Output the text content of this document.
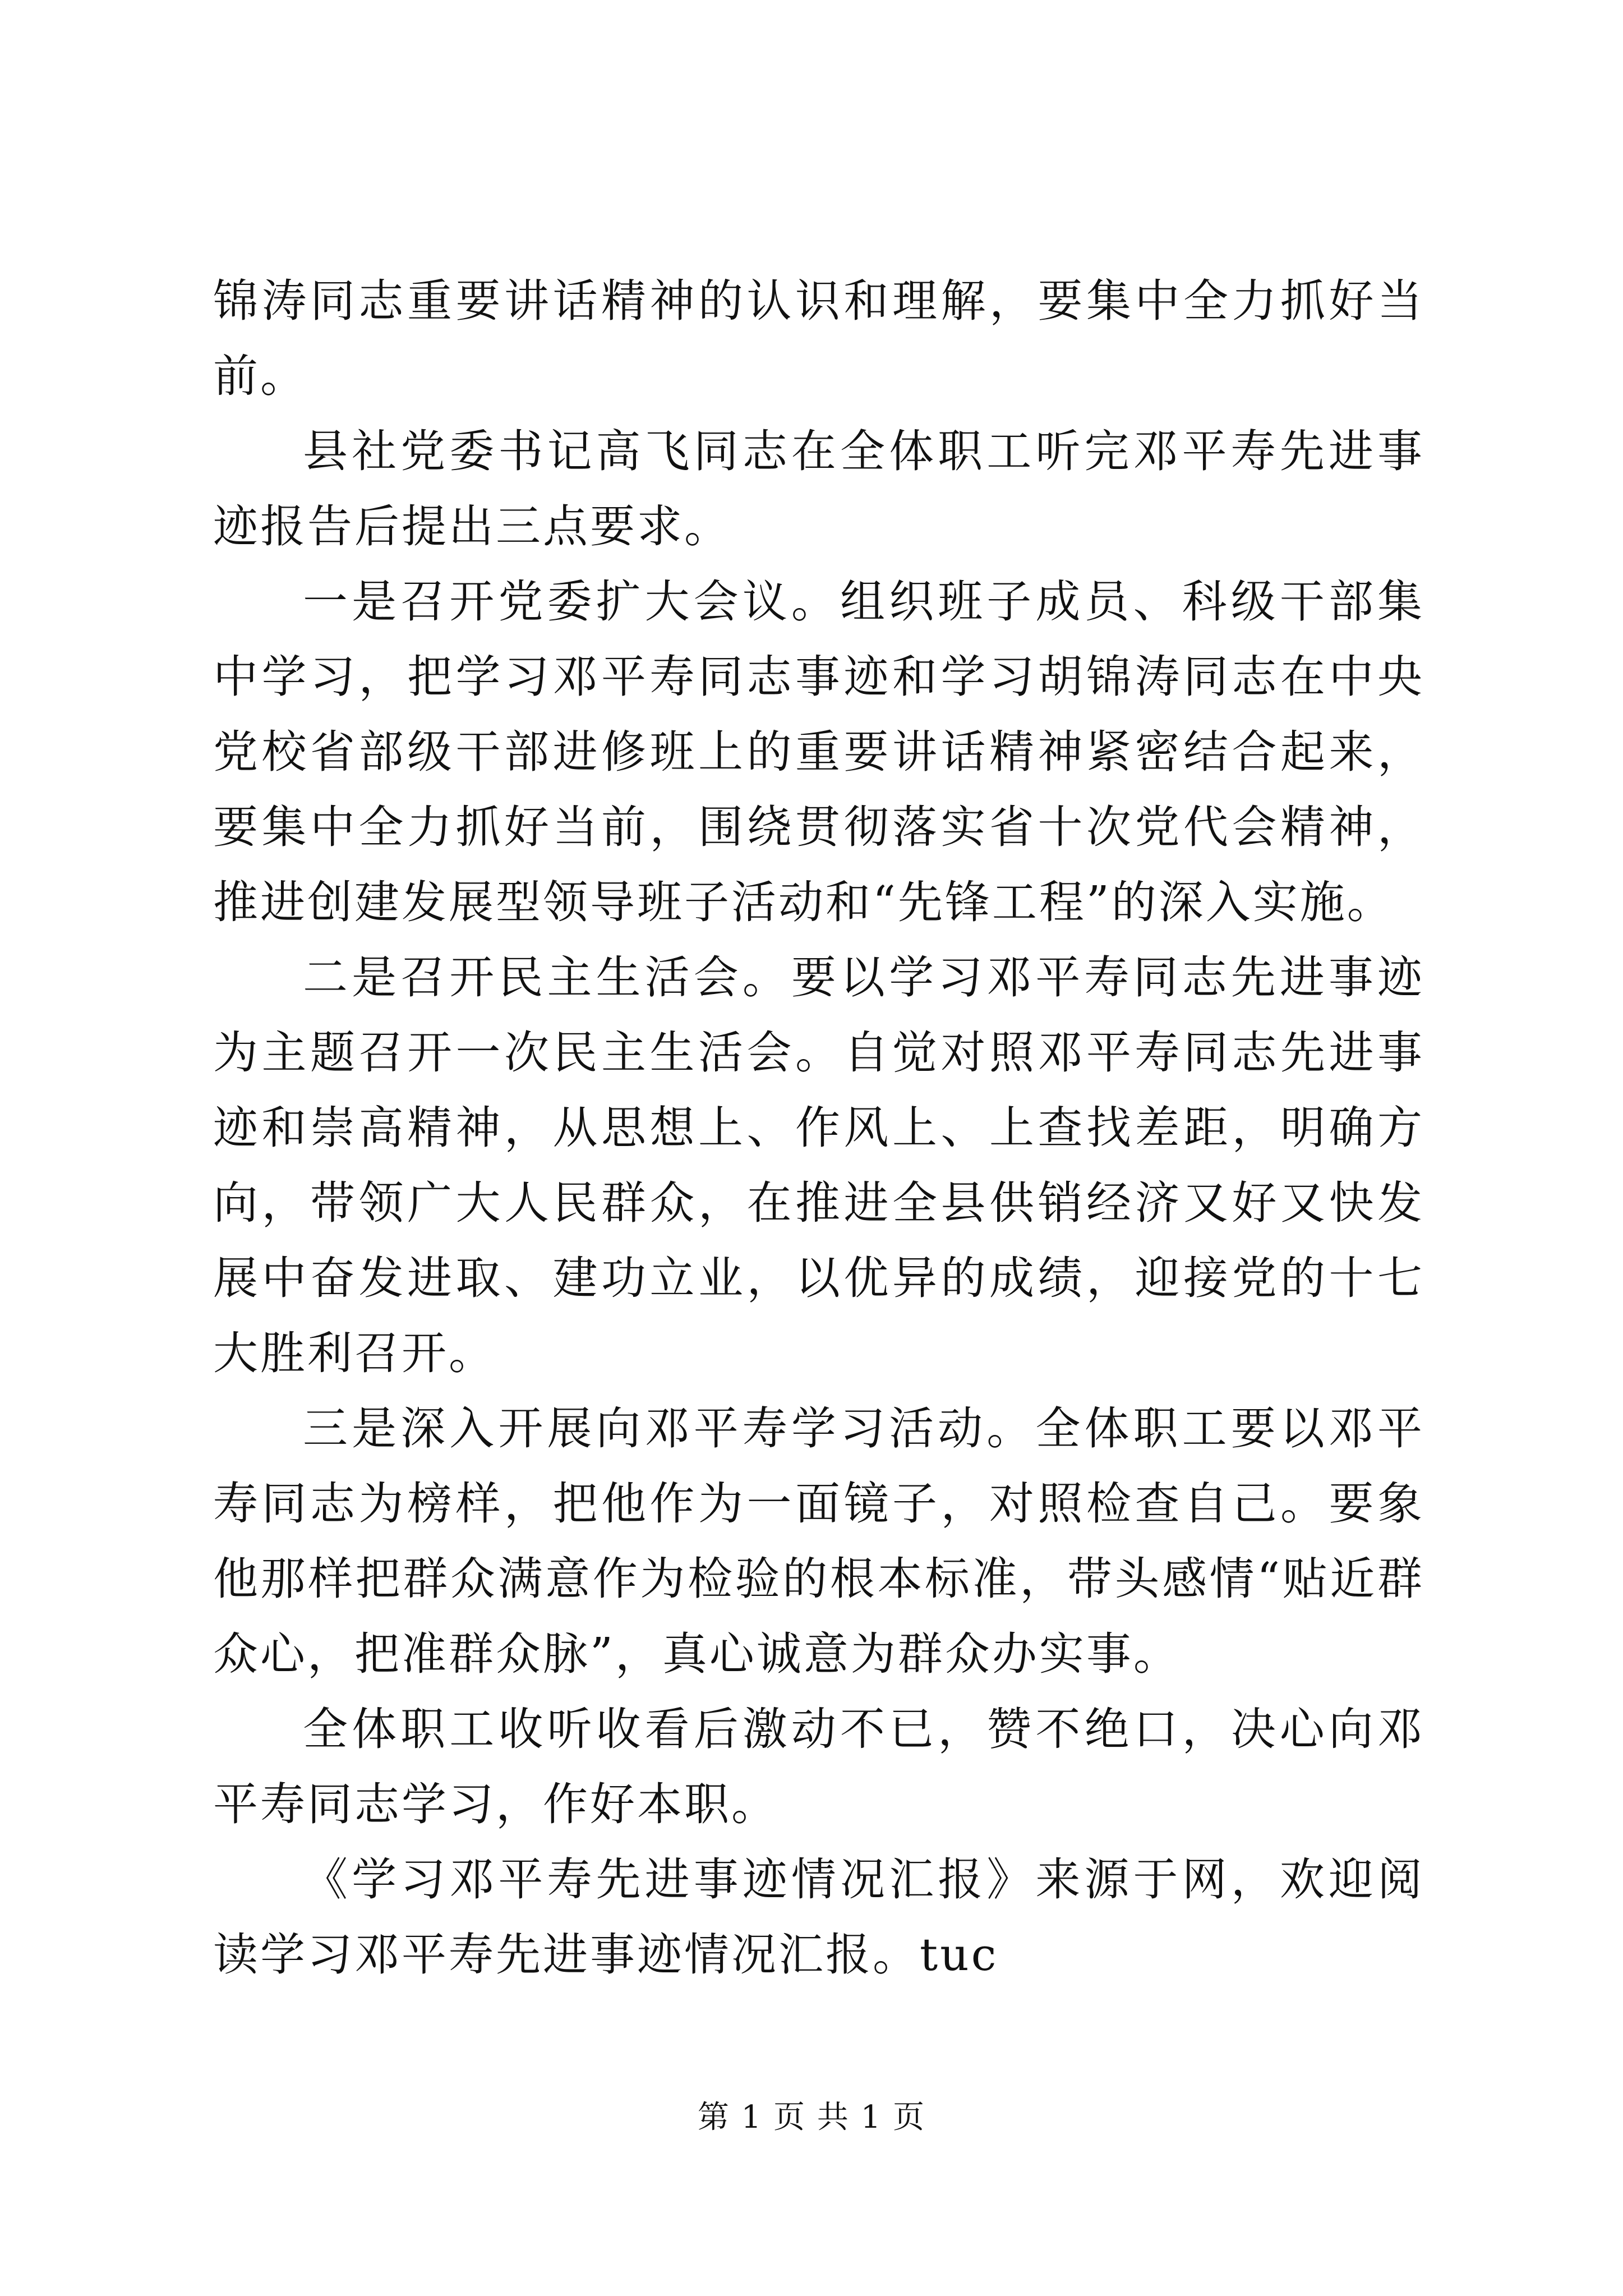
锦涛同志重要讲话精神的认识和理解，要集中全力抓好当前。

县社党委书记高飞同志在全体职工听完邓平寿先进事迹报告后提出三点要求。

一是召开党委扩大会议。组织班子成员、科级干部集中学习，把学习邓平寿同志事迹和学习胡锦涛同志在中央党校省部级干部进修班上的重要讲话精神紧密结合起来，要集中全力抓好当前，围绕贯彻落实省十次党代会精神，推进创建发展型领导班子活动和“先锋工程”的深入实施。

二是召开民主生活会。要以学习邓平寿同志先进事迹为主题召开一次民主生活会。自觉对照邓平寿同志先进事迹和崇高精神，从思想上、作风上、上查找差距，明确方向，带领广大人民群众，在推进全县供销经济又好又快发展中奋发进取、建功立业，以优异的成绩，迎接党的十七大胜利召开。

三是深入开展向邓平寿学习活动。全体职工要以邓平寿同志为榜样，把他作为一面镜子，对照检查自己。要象他那样把群众满意作为检验的根本标准，带头感情“贴近群众心，把准群众脉”，真心诚意为群众办实事。

全体职工收听收看后激动不已，赞不绝口，决心向邓平寿同志学习，作好本职。

《学习邓平寿先进事迹情况汇报》来源于网，欢迎阅读学习邓平寿先进事迹情况汇报。tuc

第 1 页 共 1 页
